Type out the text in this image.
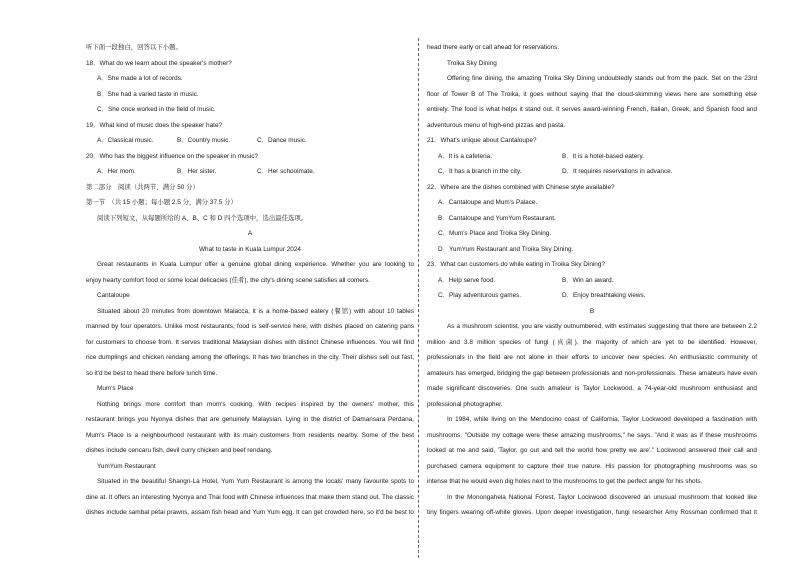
听下面一段独白，回答以下小题。
18．What do we learn about the speaker's mother?
A．She made a lot of records.
B．She had a varied taste in music.
C．She once worked in the field of music.
19．What kind of music does the speaker hate?
A．Classical music.	B．Country music.	C．Dance music.
20．Who has the biggest influence on the speaker in music?
A．Her mom.	B．Her sister.	C．Her schoolmate.
第二部分　阅读（共两节，满分 50 分）
第一节　（共 15 小题；每小题 2.5 分，满分 37.5 分）
阅读下列短文，从每题所给的 A、B、C 和 D 四个选项中，选出最佳选项。
A
What to taste in Kuala Lumpur 2024
Great restaurants in Kuala Lumpur offer a genuine global dining experience. Whether you are looking to
enjoy hearty comfort food or some local delicacies (佳肴), the city's dining scene satisfies all comers.
Cantaloupe
Situated about 20 minutes from downtown Malacca, it is a home-based eatery (餐馆) with about 10 tables
manned by four operators. Unlike most restaurants, food is self-service here, with dishes placed on catering pans
for customers to choose from. It serves traditional Malaysian dishes with distinct Chinese influences. You will find
rice dumplings and chicken rendang among the offerings. It has two branches in the city. Their dishes sell out fast,
so it'd be best to head there before lunch time.
Mum's Place
Nothing brings more comfort than mom's cooking. With recipes inspired by the owners' mother, this
restaurant brings you Nyonya dishes that are genuinely Malaysian. Lying in the district of Damansara Perdana,
Mum's Place is a neighbourhood restaurant with its main customers from residents nearby. Some of the best
dishes include cencaru fish, devil curry chicken and beef rendang.
YumYum Restaurant
Situated in the beautiful Shangri-La Hotel, Yum Yum Restaurant is among the locals' many favourite spots to
dine at. It offers an interesting Nyonya and Thai food with Chinese influences that make them stand out. The classic
dishes include sambal petai prawns, assam fish head and Yum Yum egg. It can get crowded here, so it'd be best to
head there early or call ahead for reservations.
Troika Sky Dining
Offering fine dining, the amazing Troika Sky Dining undoubtedly stands out from the pack. Set on the 23rd
floor of Tower B of The Troika, it goes without saying that the cloud-skimming views here are something else
entirely. The food is what helps it stand out. It serves award-winning French, Italian, Greek, and Spanish food and
adventurous menu of high-end pizzas and pasta.
21．What's unique about Cantaloupe?
A．It is a cafeteria.	B．It is a hotel-based eatery.
C．It has a branch in the city.	D．It requires reservations in advance.
22．Where are the dishes combined with Chinese style available?
A．Cantaloupe and Mum's Palace.
B．Cantaloupe and YumYum Restaurant.
C．Mum's Place and Troika Sky Dining.
D．YumYum Restaurant and Troika Sky Dining.
23．What can customers do while eating in Troika Sky Dining?
A．Help serve food.	B．Win an award.
C．Play adventurous games.	D．Enjoy breathtaking views.
B
As a mushroom scientist, you are vastly outnumbered, with estimates suggesting that there are between 2.2
million and 3.8 million species of fungi (真菌), the majority of which are yet to be identified. However,
professionals in the field are not alone in their efforts to uncover new species. An enthusiastic community of
amateurs has emerged, bridging the gap between professionals and non-professionals. These amateurs have even
made significant discoveries. One such amateur is Taylor Lockwood, a 74-year-old mushroom enthusiast and
professional photographer.
In 1984, while living on the Mendocino coast of California, Taylor Lockwood developed a fascination with
mushrooms. "Outside my cottage were these amazing mushrooms," he says. "And it was as if these mushrooms
looked at me and said, 'Taylor, go out and tell the world how pretty we are'." Lockwood answered their call and
purchased camera equipment to capture their true nature. His passion for photographing mushrooms was so
intense that he would even dig holes next to the mushrooms to get the perfect angle for his shots.
In the Monongahela National Forest, Taylor Lockwood discovered an unusual mushroom that looked like
tiny fingers wearing off-white gloves. Upon deeper investigation, fungi researcher Amy Rossman confirmed that it
